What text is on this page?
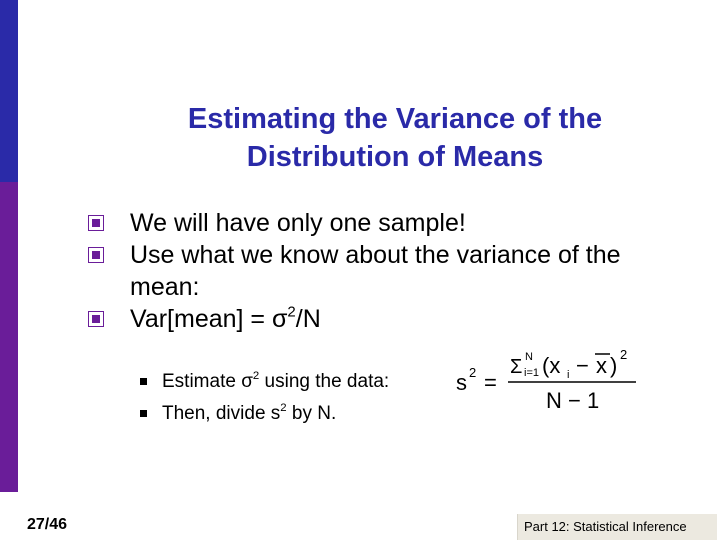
Estimating the Variance of the
Distribution of Means
We will have only one sample!
Use what we know about the variance of the mean:
Var[mean] = $\sigma^2/N$
Estimate $\sigma^2$ using the data:
Then, divide $s^2$ by N.
s 2 =
Σ N
i=1 (x i − x ) 2
N − 1
27/46	Part 12: Statistical Inference
